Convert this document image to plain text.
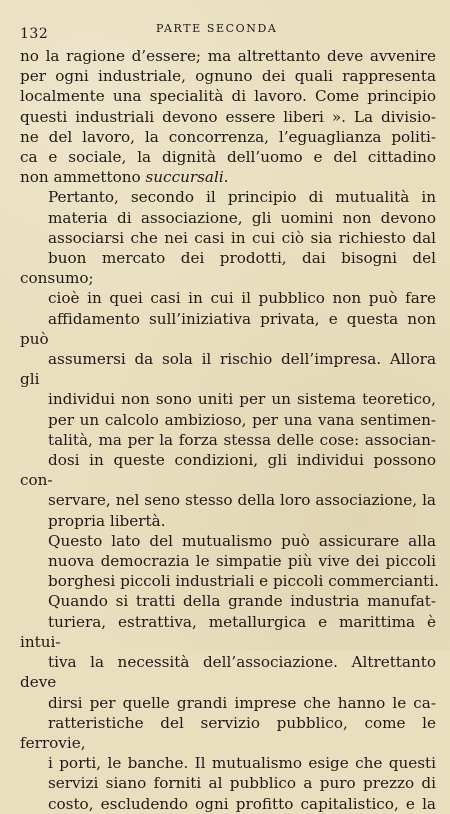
132	PARTE SECONDA

no la ragione d’essere; ma altrettanto deve avvenire
per ogni industriale, ognuno dei quali rappresenta
localmente una specialità di lavoro. Come principio
questi industriali devono essere liberi ». La divisio-
ne del lavoro, la concorrenza, l’eguaglianza politi-
ca e sociale, la dignità dell’uomo e del cittadino
non ammettono succursali.

Pertanto, secondo il principio di mutualità in
materia di associazione, gli uomini non devono
associarsi che nei casi in cui ciò sia richiesto dal
buon mercato dei prodotti, dai bisogni del consumo;
cioè in quei casi in cui il pubblico non può fare
affidamento sull’iniziativa privata, e questa non può
assumersi da sola il rischio dell’impresa. Allora gli
individui non sono uniti per un sistema teoretico,
per un calcolo ambizioso, per una vana sentimen-
talità, ma per la forza stessa delle cose: associan-
dosi in queste condizioni, gli individui possono con-
servare, nel seno stesso della loro associazione, la
propria libertà.

Questo lato del mutualismo può assicurare alla
nuova democrazia le simpatie più vive dei piccoli
borghesi piccoli industriali e piccoli commercianti.

Quando si tratti della grande industria manufat-
turiera, estrattiva, metallurgica e marittima è intui-
tiva la necessità dell’associazione. Altrettanto deve
dirsi per quelle grandi imprese che hanno le ca-
ratteristiche del servizio pubblico, come le ferrovie,
i porti, le banche. Il mutualismo esige che questi
servizi siano forniti al pubblico a puro prezzo di
costo, escludendo ogni profitto capitalistico, e la
